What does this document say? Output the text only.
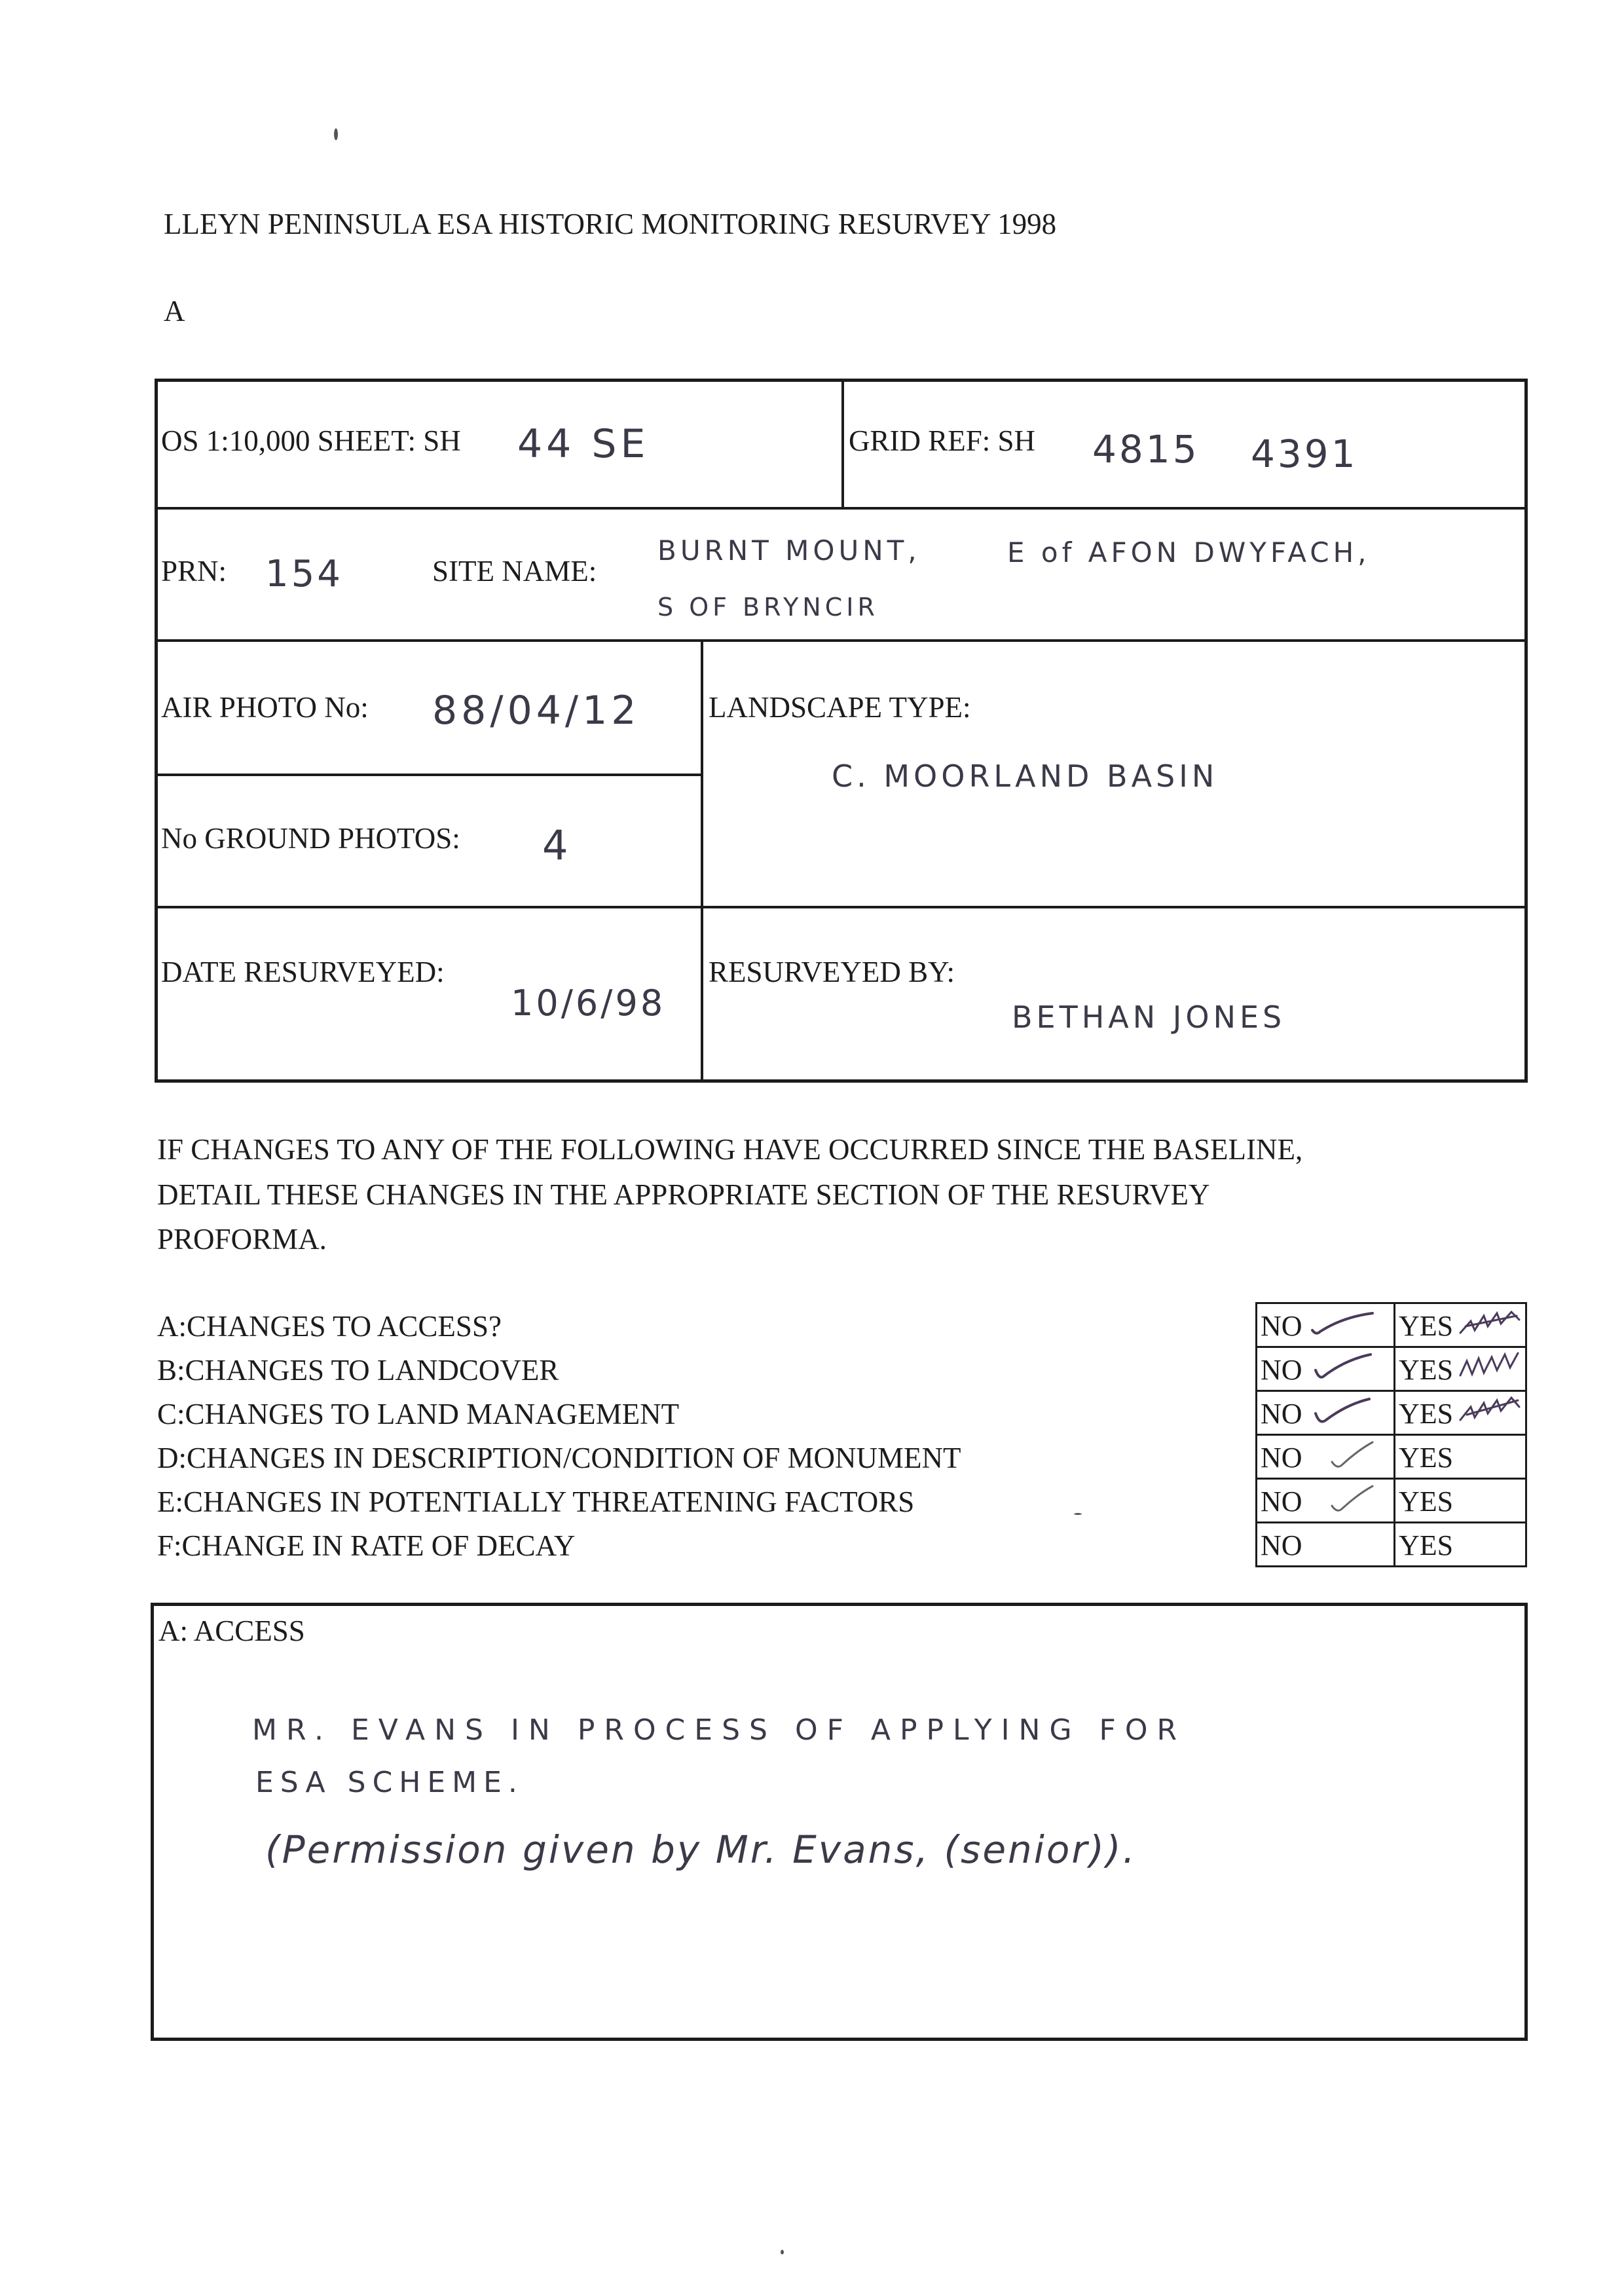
LLEYN PENINSULA ESA HISTORIC MONITORING RESURVEY 1998
A
OS 1:10,000 SHEET: SH 44 SE	GRID REF: SH 4815 4391
PRN: 154	SITE NAME:
BURNT MOUNT,	E of AFON DWYFACH,
S OF BRYNCIR
AIR PHOTO No: 88/04/12 LANDSCAPE TYPE:
C. MOORLAND BASIN
No GROUND PHOTOS: 4
DATE RESURVEYED:
10/6/98
RESURVEYED BY:
BETHAN JONES
IF CHANGES TO ANY OF THE FOLLOWING HAVE OCCURRED SINCE THE BASELINE,
DETAIL THESE CHANGES IN THE APPROPRIATE SECTION OF THE RESURVEY
PROFORMA.
A:CHANGES TO ACCESS?
B:CHANGES TO LANDCOVER
C:CHANGES TO LAND MANAGEMENT
D:CHANGES IN DESCRIPTION/CONDITION OF MONUMENT
E:CHANGES IN POTENTIALLY THREATENING FACTORS
F:CHANGE IN RATE OF DECAY
NO	YES
NO	YES
NO	YES
NO	YES
NO	YES
NO	YES
A: ACCESS
MR. EVANS IN PROCESS OF APPLYING FOR
ESA SCHEME.
(Permission given by Mr. Evans, (senior)).
